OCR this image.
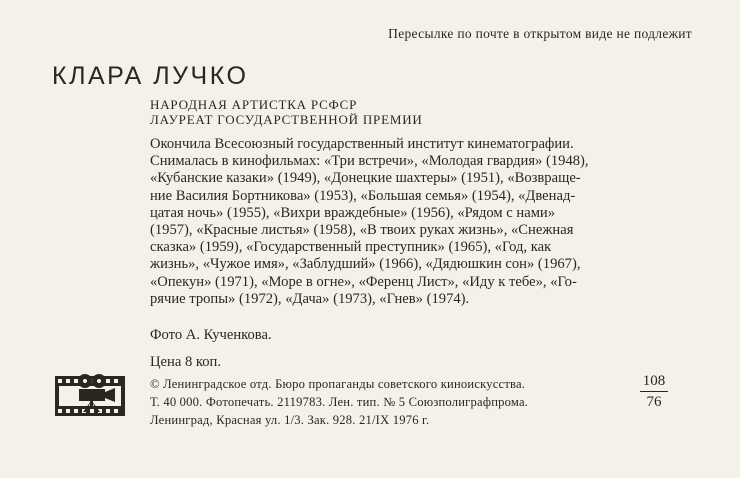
Пересылке по почте в открытом виде не подлежит
КЛАРА ЛУЧКО
НАРОДНАЯ АРТИСТКА РСФСР
ЛАУРЕАТ ГОСУДАРСТВЕННОЙ ПРЕМИИ
Окончила Всесоюзный государственный институт кинематографии.
Снималась в кинофильмах: «Три встречи», «Молодая гвардия» (1948),
«Кубанские казаки» (1949), «Донецкие шахтеры» (1951), «Возвраще-
ние Василия Бортникова» (1953), «Большая семья» (1954), «Двенад-
цатая ночь» (1955), «Вихри враждебные» (1956), «Рядом с нами»
(1957), «Красные листья» (1958), «В твоих руках жизнь», «Снежная
сказка» (1959), «Государственный преступник» (1965), «Год, как
жизнь», «Чужое имя», «Заблудший» (1966), «Дядюшкин сон» (1967),
«Опекун» (1971), «Море в огне», «Ференц Лист», «Иду к тебе», «Го-
рячие тропы» (1972), «Дача» (1973), «Гнев» (1974).
Фото А. Кученкова.
Цена 8 коп.
© Ленинградское отд. Бюро пропаганды советского киноискусства.
Т. 40 000. Фотопечать. 2119783. Лен. тип. № 5 Союзполиграфпрома.
Ленинград, Красная ул. 1/3. Зак. 928. 21/IX 1976 г.
108
76
